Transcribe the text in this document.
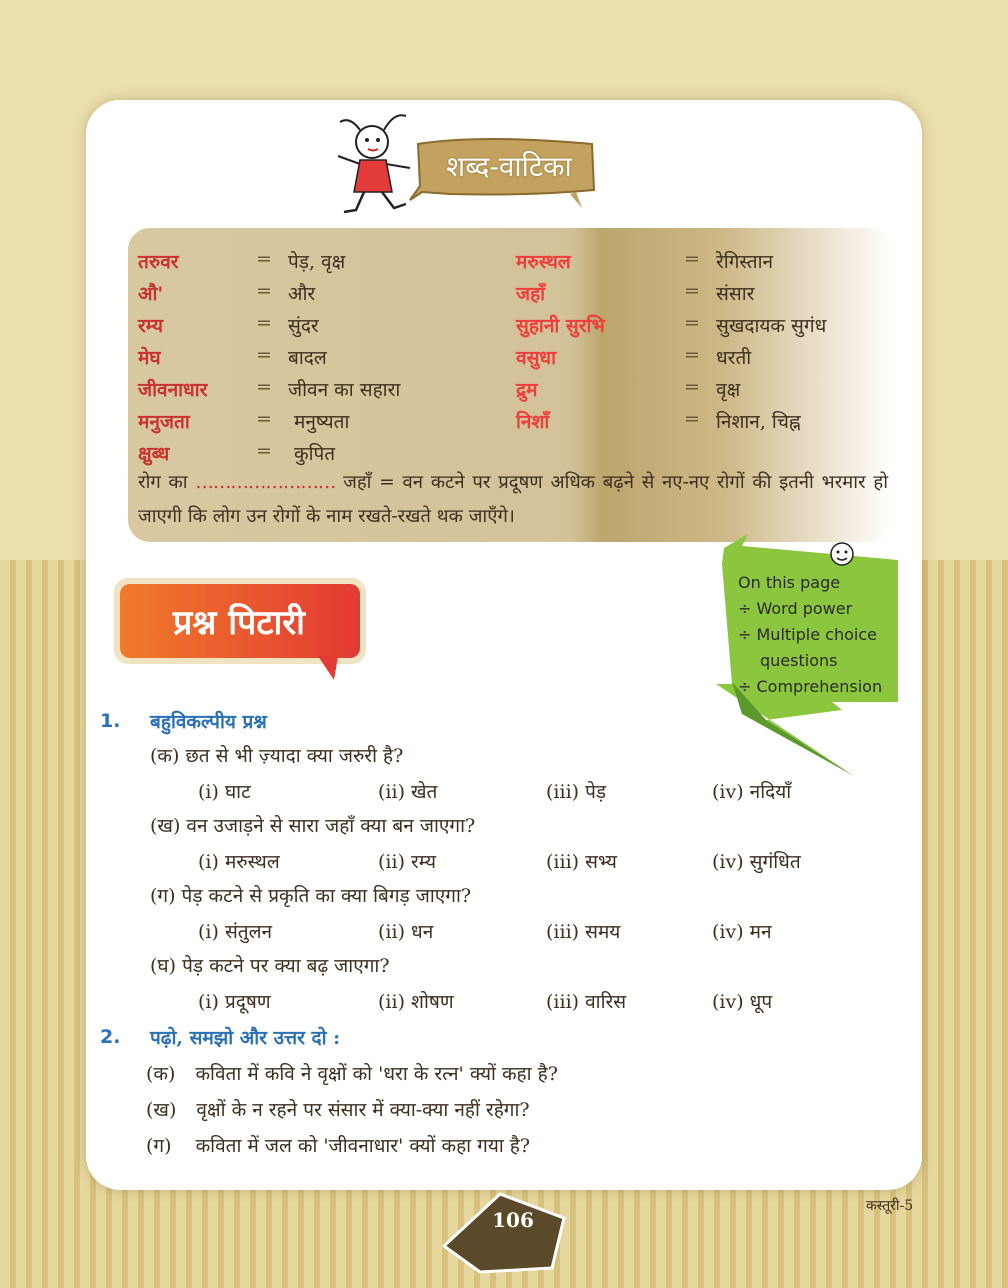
शब्द-वाटिका
तरुवर	= पेड़, वृक्ष
औ'	= और
रम्य	= सुंदर
मेघ	= बादल
जीवनाधार	= जीवन का सहारा
मनुजता	= मनुष्यता
क्षुब्ध	= कुपित
मरुस्थल	= रेगिस्तान
जहाँ	= संसार
सुहानी सुरभि	= सुखदायक सुगंध
वसुधा	= धरती
द्रुम	= वृक्ष
निशाँ	= निशान, चिह्न
रोग का …………………… जहाँ = वन कटने पर प्रदूषण अधिक बढ़ने से नए-नए रोगों की इतनी भरमार हो जाएगी कि लोग उन रोगों के नाम रखते-रखते थक जाएँगे।
प्रश्न पिटारी
On this page
÷ Word power
÷ Multiple choice
questions
÷ Comprehension
1. बहुविकल्पीय प्रश्न
(क) छत से भी ज़्यादा क्या जरुरी है?
(i) घाट	(ii) खेत	(iii) पेड़	(iv) नदियाँ
(ख) वन उजाड़ने से सारा जहाँ क्या बन जाएगा?
(i) मरुस्थल	(ii) रम्य	(iii) सभ्य	(iv) सुगंधित
(ग) पेड़ कटने से प्रकृति का क्या बिगड़ जाएगा?
(i) संतुलन	(ii) धन	(iii) समय	(iv) मन
(घ) पेड़ कटने पर क्या बढ़ जाएगा?
(i) प्रदूषण	(ii) शोषण	(iii) वारिस	(iv) धूप
2. पढ़ो, समझो और उत्तर दो :
(क) कविता में कवि ने वृक्षों को 'धरा के रत्न' क्यों कहा है?
(ख) वृक्षों के न रहने पर संसार में क्या-क्या नहीं रहेगा?
(ग) कविता में जल को 'जीवनाधार' क्यों कहा गया है?
106
कस्तूरी-5
